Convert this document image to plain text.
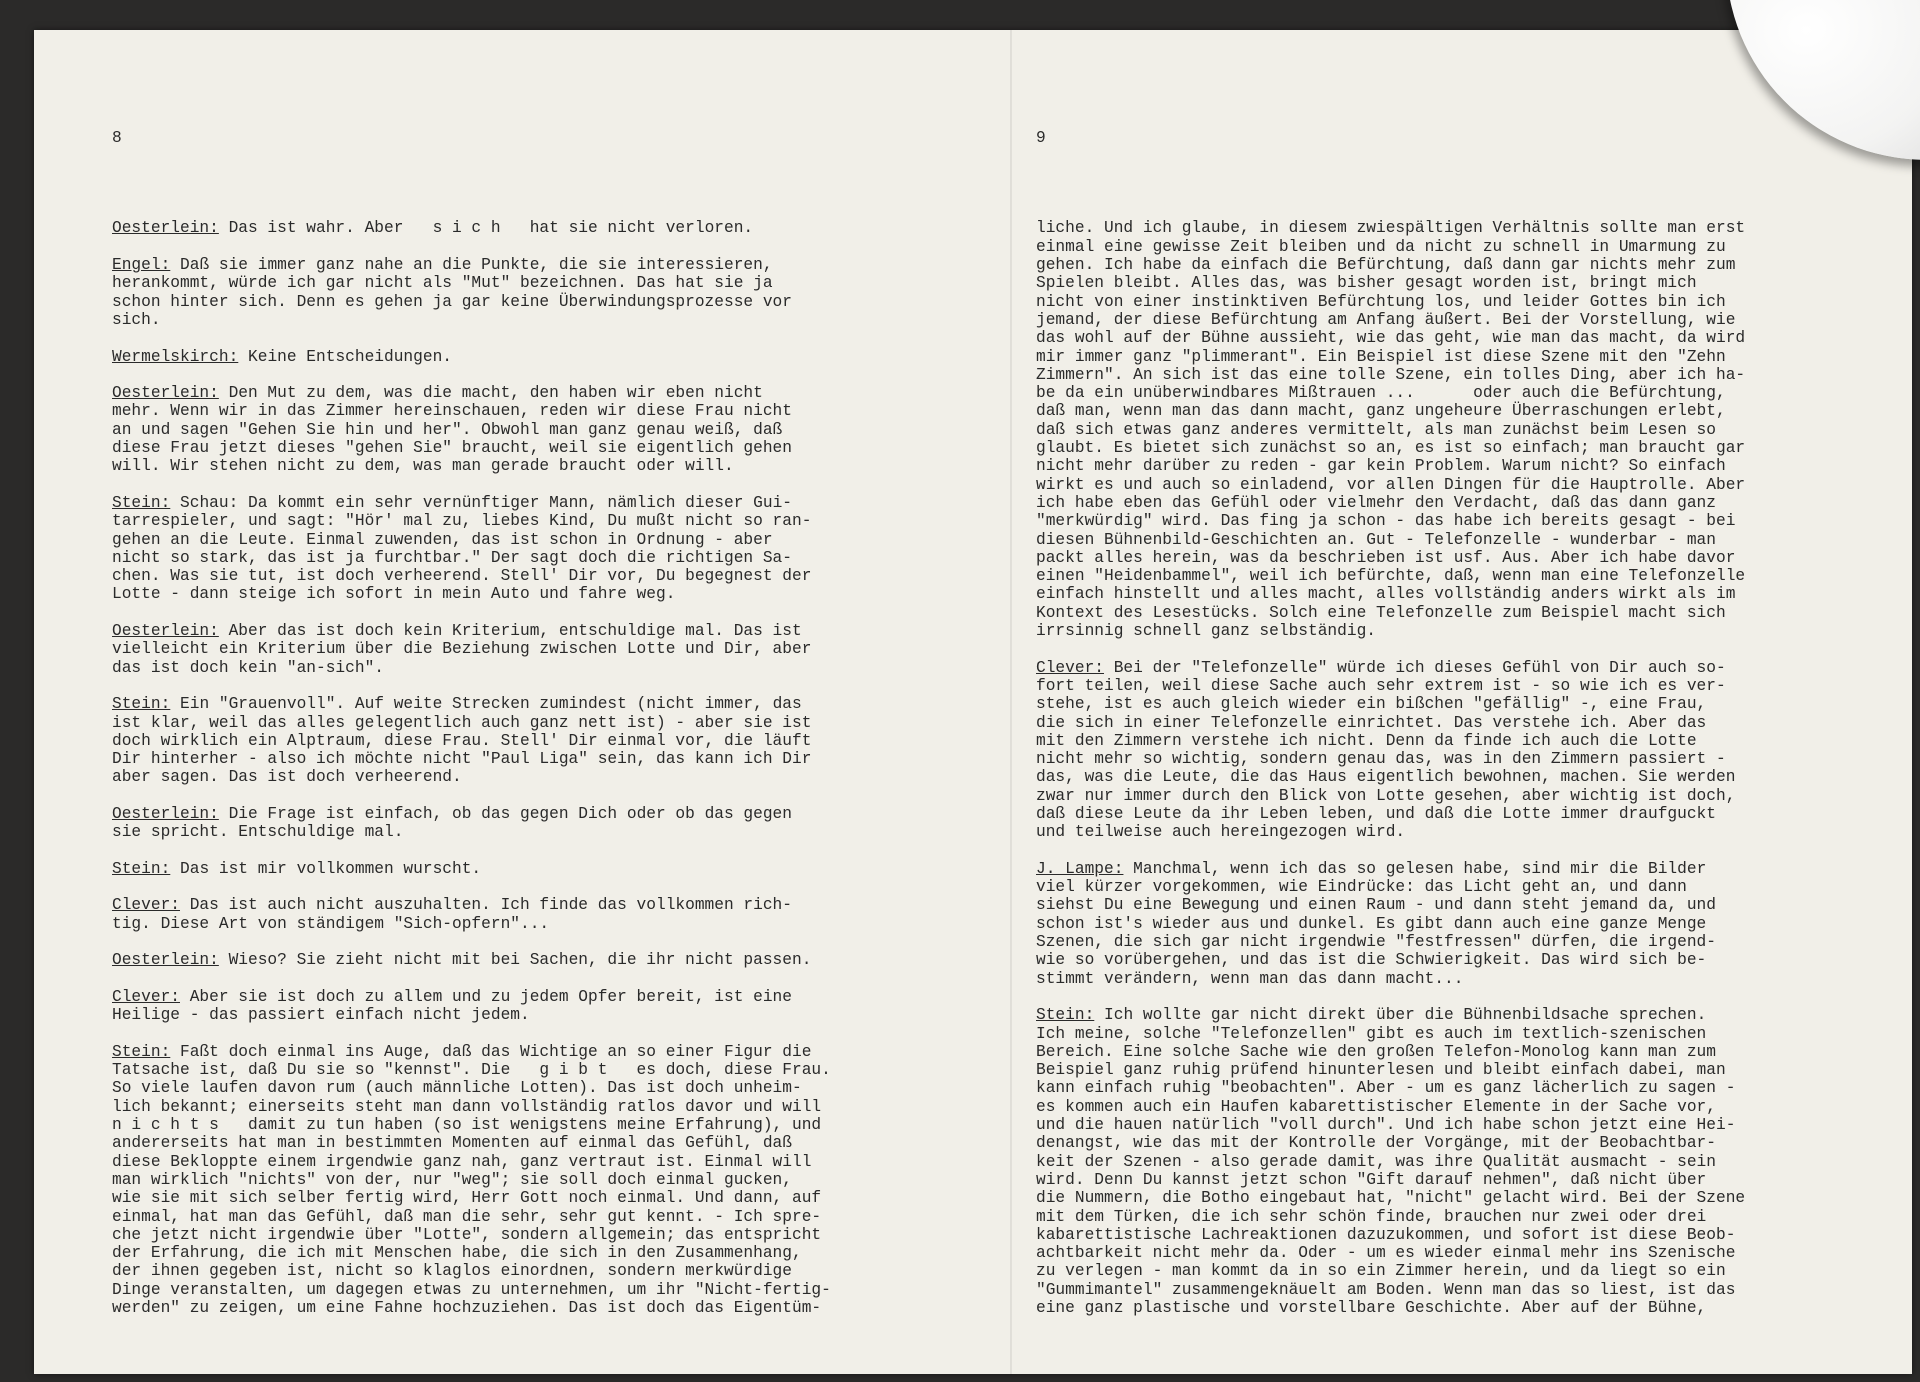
8

Oesterlein: Das ist wahr. Aber   s i c h   hat sie nicht verloren.
Engel: Daß sie immer ganz nahe an die Punkte, die sie interessieren,
herankommt, würde ich gar nicht als "Mut" bezeichnen. Das hat sie ja
schon hinter sich. Denn es gehen ja gar keine Überwindungsprozesse vor
sich.
Wermelskirch: Keine Entscheidungen.
Oesterlein: Den Mut zu dem, was die macht, den haben wir eben nicht
mehr. Wenn wir in das Zimmer hereinschauen, reden wir diese Frau nicht
an und sagen "Gehen Sie hin und her". Obwohl man ganz genau weiß, daß
diese Frau jetzt dieses "gehen Sie" braucht, weil sie eigentlich gehen
will. Wir stehen nicht zu dem, was man gerade braucht oder will.
Stein: Schau: Da kommt ein sehr vernünftiger Mann, nämlich dieser Gui-
tarrespieler, und sagt: "Hör' mal zu, liebes Kind, Du mußt nicht so ran-
gehen an die Leute. Einmal zuwenden, das ist schon in Ordnung - aber
nicht so stark, das ist ja furchtbar." Der sagt doch die richtigen Sa-
chen. Was sie tut, ist doch verheerend. Stell' Dir vor, Du begegnest der
Lotte - dann steige ich sofort in mein Auto und fahre weg.
Oesterlein: Aber das ist doch kein Kriterium, entschuldige mal. Das ist
vielleicht ein Kriterium über die Beziehung zwischen Lotte und Dir, aber
das ist doch kein "an-sich".
Stein: Ein "Grauenvoll". Auf weite Strecken zumindest (nicht immer, das
ist klar, weil das alles gelegentlich auch ganz nett ist) - aber sie ist
doch wirklich ein Alptraum, diese Frau. Stell' Dir einmal vor, die läuft
Dir hinterher - also ich möchte nicht "Paul Liga" sein, das kann ich Dir
aber sagen. Das ist doch verheerend.
Oesterlein: Die Frage ist einfach, ob das gegen Dich oder ob das gegen
sie spricht. Entschuldige mal.
Stein: Das ist mir vollkommen wurscht.
Clever: Das ist auch nicht auszuhalten. Ich finde das vollkommen rich-
tig. Diese Art von ständigem "Sich-opfern"...
Oesterlein: Wieso? Sie zieht nicht mit bei Sachen, die ihr nicht passen.
Clever: Aber sie ist doch zu allem und zu jedem Opfer bereit, ist eine
Heilige - das passiert einfach nicht jedem.
Stein: Faßt doch einmal ins Auge, daß das Wichtige an so einer Figur die
Tatsache ist, daß Du sie so "kennst". Die   g i b t   es doch, diese Frau.
So viele laufen davon rum (auch männliche Lotten). Das ist doch unheim-
lich bekannt; einerseits steht man dann vollständig ratlos davor und will
n i c h t s   damit zu tun haben (so ist wenigstens meine Erfahrung), und
andererseits hat man in bestimmten Momenten auf einmal das Gefühl, daß
diese Bekloppte einem irgendwie ganz nah, ganz vertraut ist. Einmal will
man wirklich "nichts" von der, nur "weg"; sie soll doch einmal gucken,
wie sie mit sich selber fertig wird, Herr Gott noch einmal. Und dann, auf
einmal, hat man das Gefühl, daß man die sehr, sehr gut kennt. - Ich spre-
che jetzt nicht irgendwie über "Lotte", sondern allgemein; das entspricht
der Erfahrung, die ich mit Menschen habe, die sich in den Zusammenhang,
der ihnen gegeben ist, nicht so klaglos einordnen, sondern merkwürdige
Dinge veranstalten, um dagegen etwas zu unternehmen, um ihr "Nicht-fertig-
werden" zu zeigen, um eine Fahne hochzuziehen. Das ist doch das Eigentüm-

9

liche. Und ich glaube, in diesem zwiespältigen Verhältnis sollte man erst
einmal eine gewisse Zeit bleiben und da nicht zu schnell in Umarmung zu
gehen. Ich habe da einfach die Befürchtung, daß dann gar nichts mehr zum
Spielen bleibt. Alles das, was bisher gesagt worden ist, bringt mich
nicht von einer instinktiven Befürchtung los, und leider Gottes bin ich
jemand, der diese Befürchtung am Anfang äußert. Bei der Vorstellung, wie
das wohl auf der Bühne aussieht, wie das geht, wie man das macht, da wird
mir immer ganz "plimmerant". Ein Beispiel ist diese Szene mit den "Zehn
Zimmern". An sich ist das eine tolle Szene, ein tolles Ding, aber ich ha-
be da ein unüberwindbares Mißtrauen ...      oder auch die Befürchtung,
daß man, wenn man das dann macht, ganz ungeheure Überraschungen erlebt,
daß sich etwas ganz anderes vermittelt, als man zunächst beim Lesen so
glaubt. Es bietet sich zunächst so an, es ist so einfach; man braucht gar
nicht mehr darüber zu reden - gar kein Problem. Warum nicht? So einfach
wirkt es und auch so einladend, vor allen Dingen für die Hauptrolle. Aber
ich habe eben das Gefühl oder vielmehr den Verdacht, daß das dann ganz
"merkwürdig" wird. Das fing ja schon - das habe ich bereits gesagt - bei
diesen Bühnenbild-Geschichten an. Gut - Telefonzelle - wunderbar - man
packt alles herein, was da beschrieben ist usf. Aus. Aber ich habe davor
einen "Heidenbammel", weil ich befürchte, daß, wenn man eine Telefonzelle
einfach hinstellt und alles macht, alles vollständig anders wirkt als im
Kontext des Lesestücks. Solch eine Telefonzelle zum Beispiel macht sich
irrsinnig schnell ganz selbständig.
Clever: Bei der "Telefonzelle" würde ich dieses Gefühl von Dir auch so-
fort teilen, weil diese Sache auch sehr extrem ist - so wie ich es ver-
stehe, ist es auch gleich wieder ein bißchen "gefällig" -, eine Frau,
die sich in einer Telefonzelle einrichtet. Das verstehe ich. Aber das
mit den Zimmern verstehe ich nicht. Denn da finde ich auch die Lotte
nicht mehr so wichtig, sondern genau das, was in den Zimmern passiert -
das, was die Leute, die das Haus eigentlich bewohnen, machen. Sie werden
zwar nur immer durch den Blick von Lotte gesehen, aber wichtig ist doch,
daß diese Leute da ihr Leben leben, und daß die Lotte immer draufguckt
und teilweise auch hereingezogen wird.
J. Lampe: Manchmal, wenn ich das so gelesen habe, sind mir die Bilder
viel kürzer vorgekommen, wie Eindrücke: das Licht geht an, und dann
siehst Du eine Bewegung und einen Raum - und dann steht jemand da, und
schon ist's wieder aus und dunkel. Es gibt dann auch eine ganze Menge
Szenen, die sich gar nicht irgendwie "festfressen" dürfen, die irgend-
wie so vorübergehen, und das ist die Schwierigkeit. Das wird sich be-
stimmt verändern, wenn man das dann macht...
Stein: Ich wollte gar nicht direkt über die Bühnenbildsache sprechen.
Ich meine, solche "Telefonzellen" gibt es auch im textlich-szenischen
Bereich. Eine solche Sache wie den großen Telefon-Monolog kann man zum
Beispiel ganz ruhig prüfend hinunterlesen und bleibt einfach dabei, man
kann einfach ruhig "beobachten". Aber - um es ganz lächerlich zu sagen -
es kommen auch ein Haufen kabarettistischer Elemente in der Sache vor,
und die hauen natürlich "voll durch". Und ich habe schon jetzt eine Hei-
denangst, wie das mit der Kontrolle der Vorgänge, mit der Beobachtbar-
keit der Szenen - also gerade damit, was ihre Qualität ausmacht - sein
wird. Denn Du kannst jetzt schon "Gift darauf nehmen", daß nicht über
die Nummern, die Botho eingebaut hat, "nicht" gelacht wird. Bei der Szene
mit dem Türken, die ich sehr schön finde, brauchen nur zwei oder drei
kabarettistische Lachreaktionen dazuzukommen, und sofort ist diese Beob-
achtbarkeit nicht mehr da. Oder - um es wieder einmal mehr ins Szenische
zu verlegen - man kommt da in so ein Zimmer herein, und da liegt so ein
"Gummimantel" zusammengeknäuelt am Boden. Wenn man das so liest, ist das
eine ganz plastische und vorstellbare Geschichte. Aber auf der Bühne,
